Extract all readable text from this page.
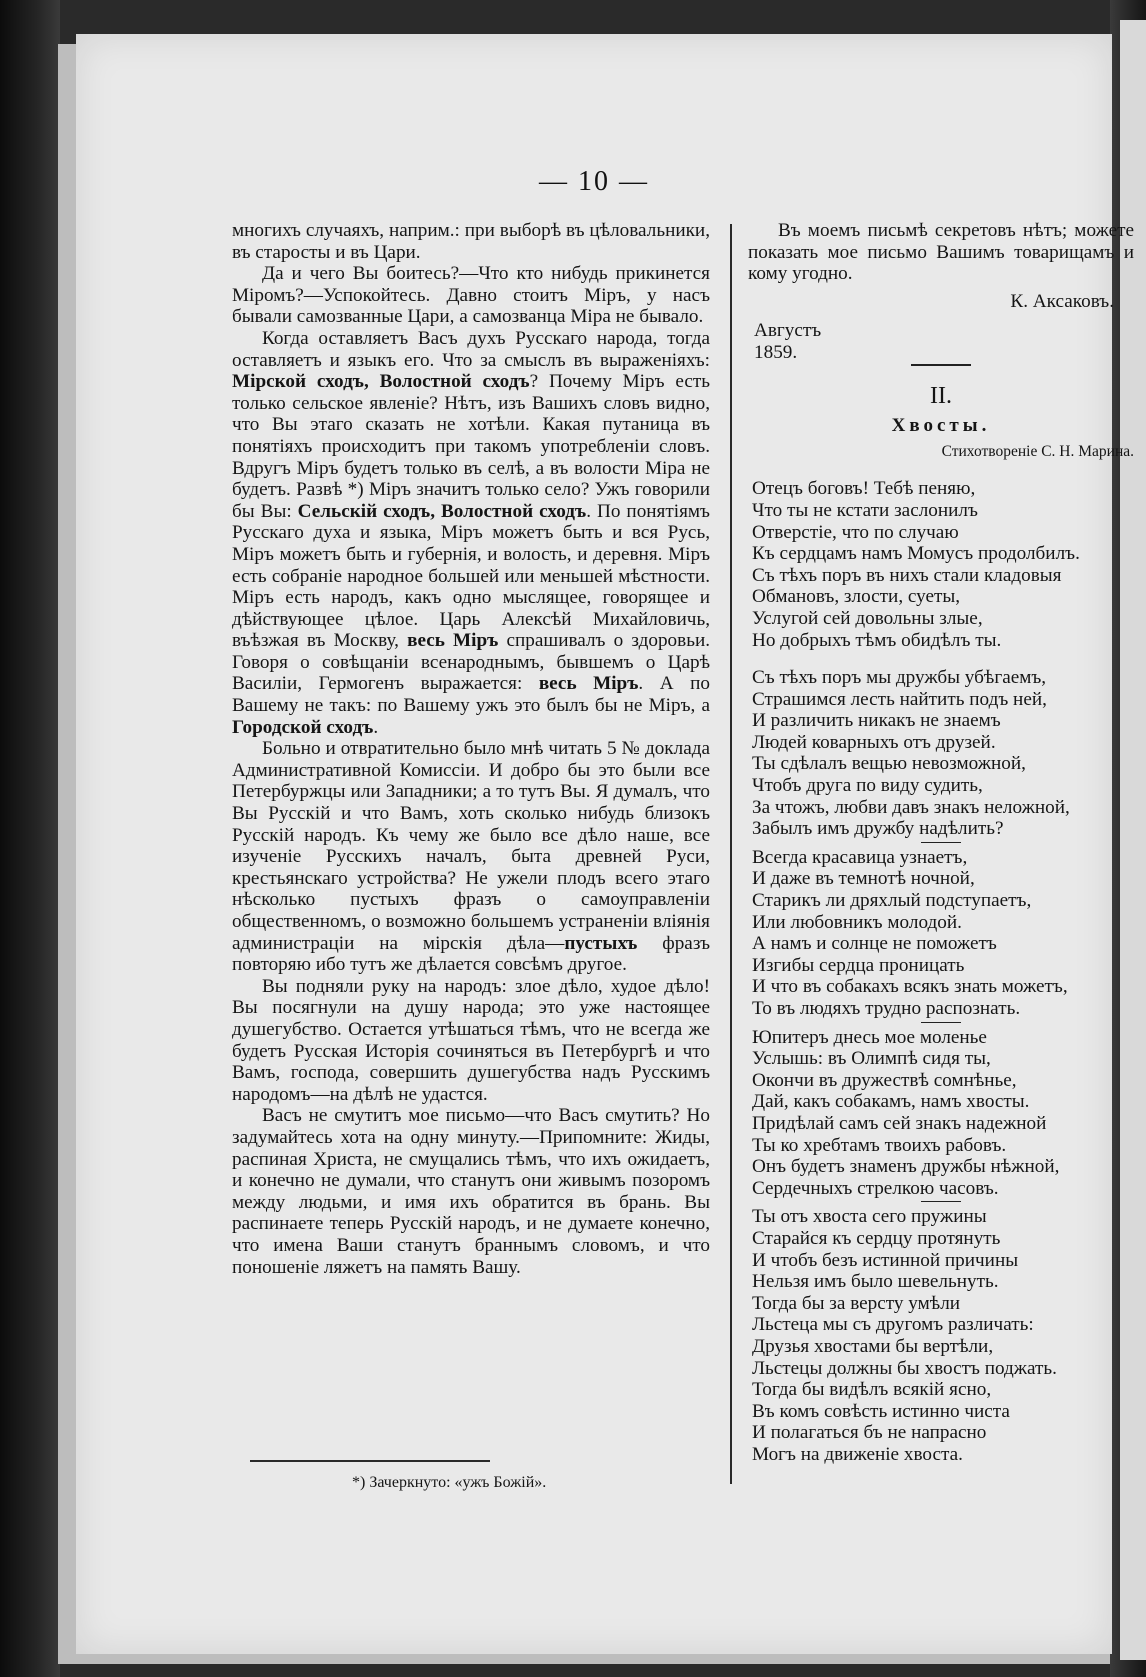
— 10 —

многихъ случаяхъ, наприм.: при выборѣ въ цѣловальники, въ старосты и въ Цари.

Да и чего Вы боитесь?—Что кто нибудь прикинется Міромъ?—Успокойтесь. Давно стоитъ Міръ, у насъ бывали самозванные Цари, а самозванца Міра не бывало.

Когда оставляетъ Васъ духъ Русскаго народа, тогда оставляетъ и языкъ его. Что за смыслъ въ выраженіяхъ: Мірской сходъ, Волостной сходъ? Почему Міръ есть только сельское явленіе? Нѣтъ, изъ Вашихъ словъ видно, что Вы этаго сказать не хотѣли. Какая путаница въ понятіяхъ происходитъ при такомъ употребленіи словъ. Вдругъ Міръ будетъ только въ селѣ, а въ волости Міра не будетъ. Развѣ *) Міръ значитъ только село? Ужъ говорили бы Вы: Сельскій сходъ, Волостной сходъ. По понятіямъ Русскаго духа и языка, Міръ можетъ быть и вся Русь, Міръ можетъ быть и губернія, и волость, и деревня. Міръ есть собраніе народное большей или меньшей мѣстности. Міръ есть народъ, какъ одно мыслящее, говорящее и дѣйствующее цѣлое. Царь Алексѣй Михайловичь, въѣзжая въ Москву, весь Міръ спрашивалъ о здоровьи. Говоря о совѣщаніи всенароднымъ, бывшемъ о Царѣ Василіи, Гермогенъ выражается: весь Міръ. А по Вашему не такъ: по Вашему ужъ это былъ бы не Міръ, а Городской сходъ.

Больно и отвратительно было мнѣ читать 5 № доклада Административной Комиссіи. И добро бы это были все Петербуржцы или Западники; а то тутъ Вы. Я думалъ, что Вы Русскій и что Вамъ, хоть сколько нибудь близокъ Русскій народъ. Къ чему же было все дѣло наше, все изученіе Русскихъ началъ, быта древней Руси, крестьянскаго устройства? Не ужели плодъ всего этаго нѣсколько пустыхъ фразъ о самоуправленіи общественномъ, о возможно большемъ устраненіи вліянія администраціи на мірскія дѣла—пустыхъ фразъ повторяю ибо тутъ же дѣлается совсѣмъ другое.

Вы подняли руку на народъ: злое дѣло, худое дѣло! Вы посягнули на душу народа; это уже настоящее душегубство. Остается утѣшаться тѣмъ, что не всегда же будетъ Русская Исторія сочиняться въ Петербургѣ и что Вамъ, господа, совершить душегубства надъ Русскимъ народомъ—на дѣлѣ не удастся.

Васъ не смутитъ мое письмо—что Васъ смутить? Но задумайтесь хота на одну минуту.—Припомните: Жиды, распиная Христа, не смущались тѣмъ, что ихъ ожидаетъ, и конечно не думали, что станутъ они живымъ позоромъ между людьми, и имя ихъ обратится въ брань. Вы распинаете теперь Русскій народъ, и не думаете конечно, что имена Ваши станутъ браннымъ словомъ, и что поношеніе ляжетъ на память Вашу.

Въ моемъ письмѣ секретовъ нѣтъ; можете показать мое письмо Вашимъ товарищамъ и кому угодно.

К. Аксаковъ.
Августъ
1859.
II.
Хвосты.
Стихотвореніе С. Н. Марина.
Отецъ боговъ! Тебѣ пеняю,
Что ты не кстати заслонилъ
Отверстіе, что по случаю
Къ сердцамъ намъ Момусъ продолбилъ.
Съ тѣхъ поръ въ нихъ стали кладовыя
Обмановъ, злости, суеты,
Услугой сей довольны злые,
Но добрыхъ тѣмъ обидѣлъ ты.
Съ тѣхъ поръ мы дружбы убѣгаемъ,
Страшимся лесть найтить подъ ней,
И различить никакъ не знаемъ
Людей коварныхъ отъ друзей.
Ты сдѣлалъ вещью невозможной,
Чтобъ друга по виду судить,
За чтожъ, любви давъ знакъ неложной,
Забылъ имъ дружбу надѣлить?
Всегда красавица узнаетъ,
И даже въ темнотѣ ночной,
Старикъ ли дряхлый подступаетъ,
Или любовникъ молодой.
А намъ и солнце не поможетъ
Изгибы сердца проницать
И что въ собакахъ всякъ знать можетъ,
То въ людяхъ трудно распознать.
Юпитеръ днесь мое моленье
Услышь: въ Олимпѣ сидя ты,
Окончи въ дружествѣ сомнѣнье,
Дай, какъ собакамъ, намъ хвосты.
Придѣлай самъ сей знакъ надежной
Ты ко хребтамъ твоихъ рабовъ.
Онъ будетъ знаменъ дружбы нѣжной,
Сердечныхъ стрелкою часовъ.
Ты отъ хвоста сего пружины
Старайся къ сердцу протянуть
И чтобъ безъ истинной причины
Нельзя имъ было шевельнуть.
Тогда бы за версту умѣли
Льстеца мы съ другомъ различать:
Друзья хвостами бы вертѣли,
Льстецы должны бы хвостъ поджать.
Тогда бы видѣлъ всякій ясно,
Въ комъ совѣсть истинно чиста
И полагаться бъ не напрасно
Могъ на движеніе хвоста.
*) Зачеркнуто: «ужъ Божій».
